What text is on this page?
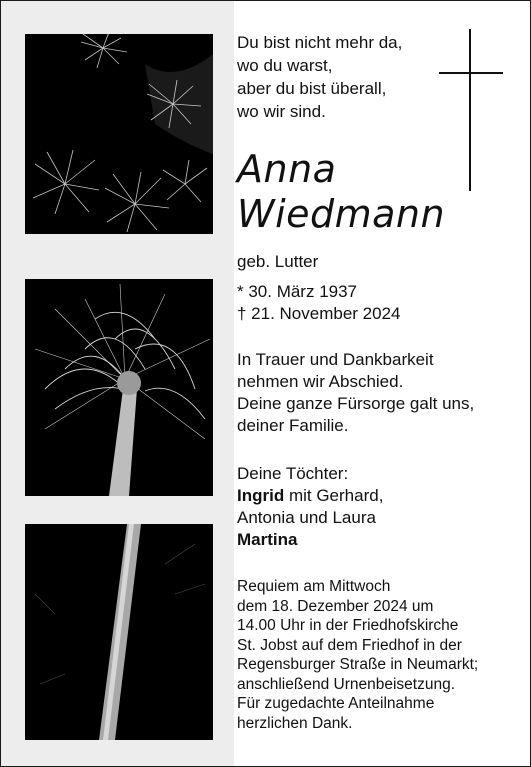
Du bist nicht mehr da,
wo du warst,
aber du bist überall,
wo wir sind.
Anna
Wiedmann
geb. Lutter
* 30. März 1937
† 21. November 2024
In Trauer und Dankbarkeit
nehmen wir Abschied.
Deine ganze Fürsorge galt uns,
deiner Familie.
Deine Töchter:
Ingrid mit Gerhard,
Antonia und Laura
Martina
Requiem am Mittwoch
dem 18. Dezember 2024 um
14.00 Uhr in der Friedhofskirche
St. Jobst auf dem Friedhof in der
Regensburger Straße in Neumarkt;
anschließend Urnenbeisetzung.
Für zugedachte Anteilnahme
herzlichen Dank.
